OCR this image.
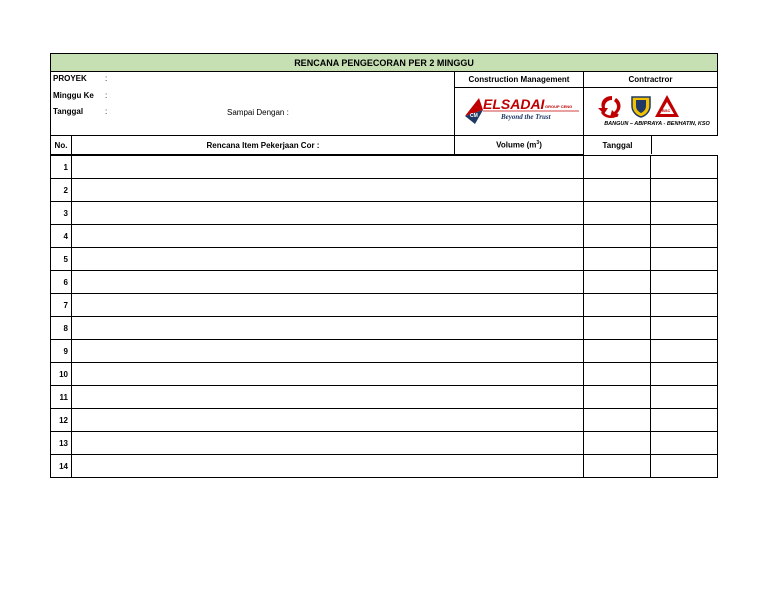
RENCANA PENGECORAN PER 2 MINGGU

PROYEK :
Minggu Ke :
Tanggal	:	Sampai Dengan :
	Construction Management	Contractror

CM
ELSADAI GROUP CENG
Beyond the Trust

BSC
BANGUN – ABIPRAYA - BENHATIN, KSO

No.	Rencana Item Pekerjaan Cor :	Volume $(m^3)$		Tanggal	
1			
2			
3			
4			
5			
6			
7			
8			
9			
10			
11			
12			
13			
14			
